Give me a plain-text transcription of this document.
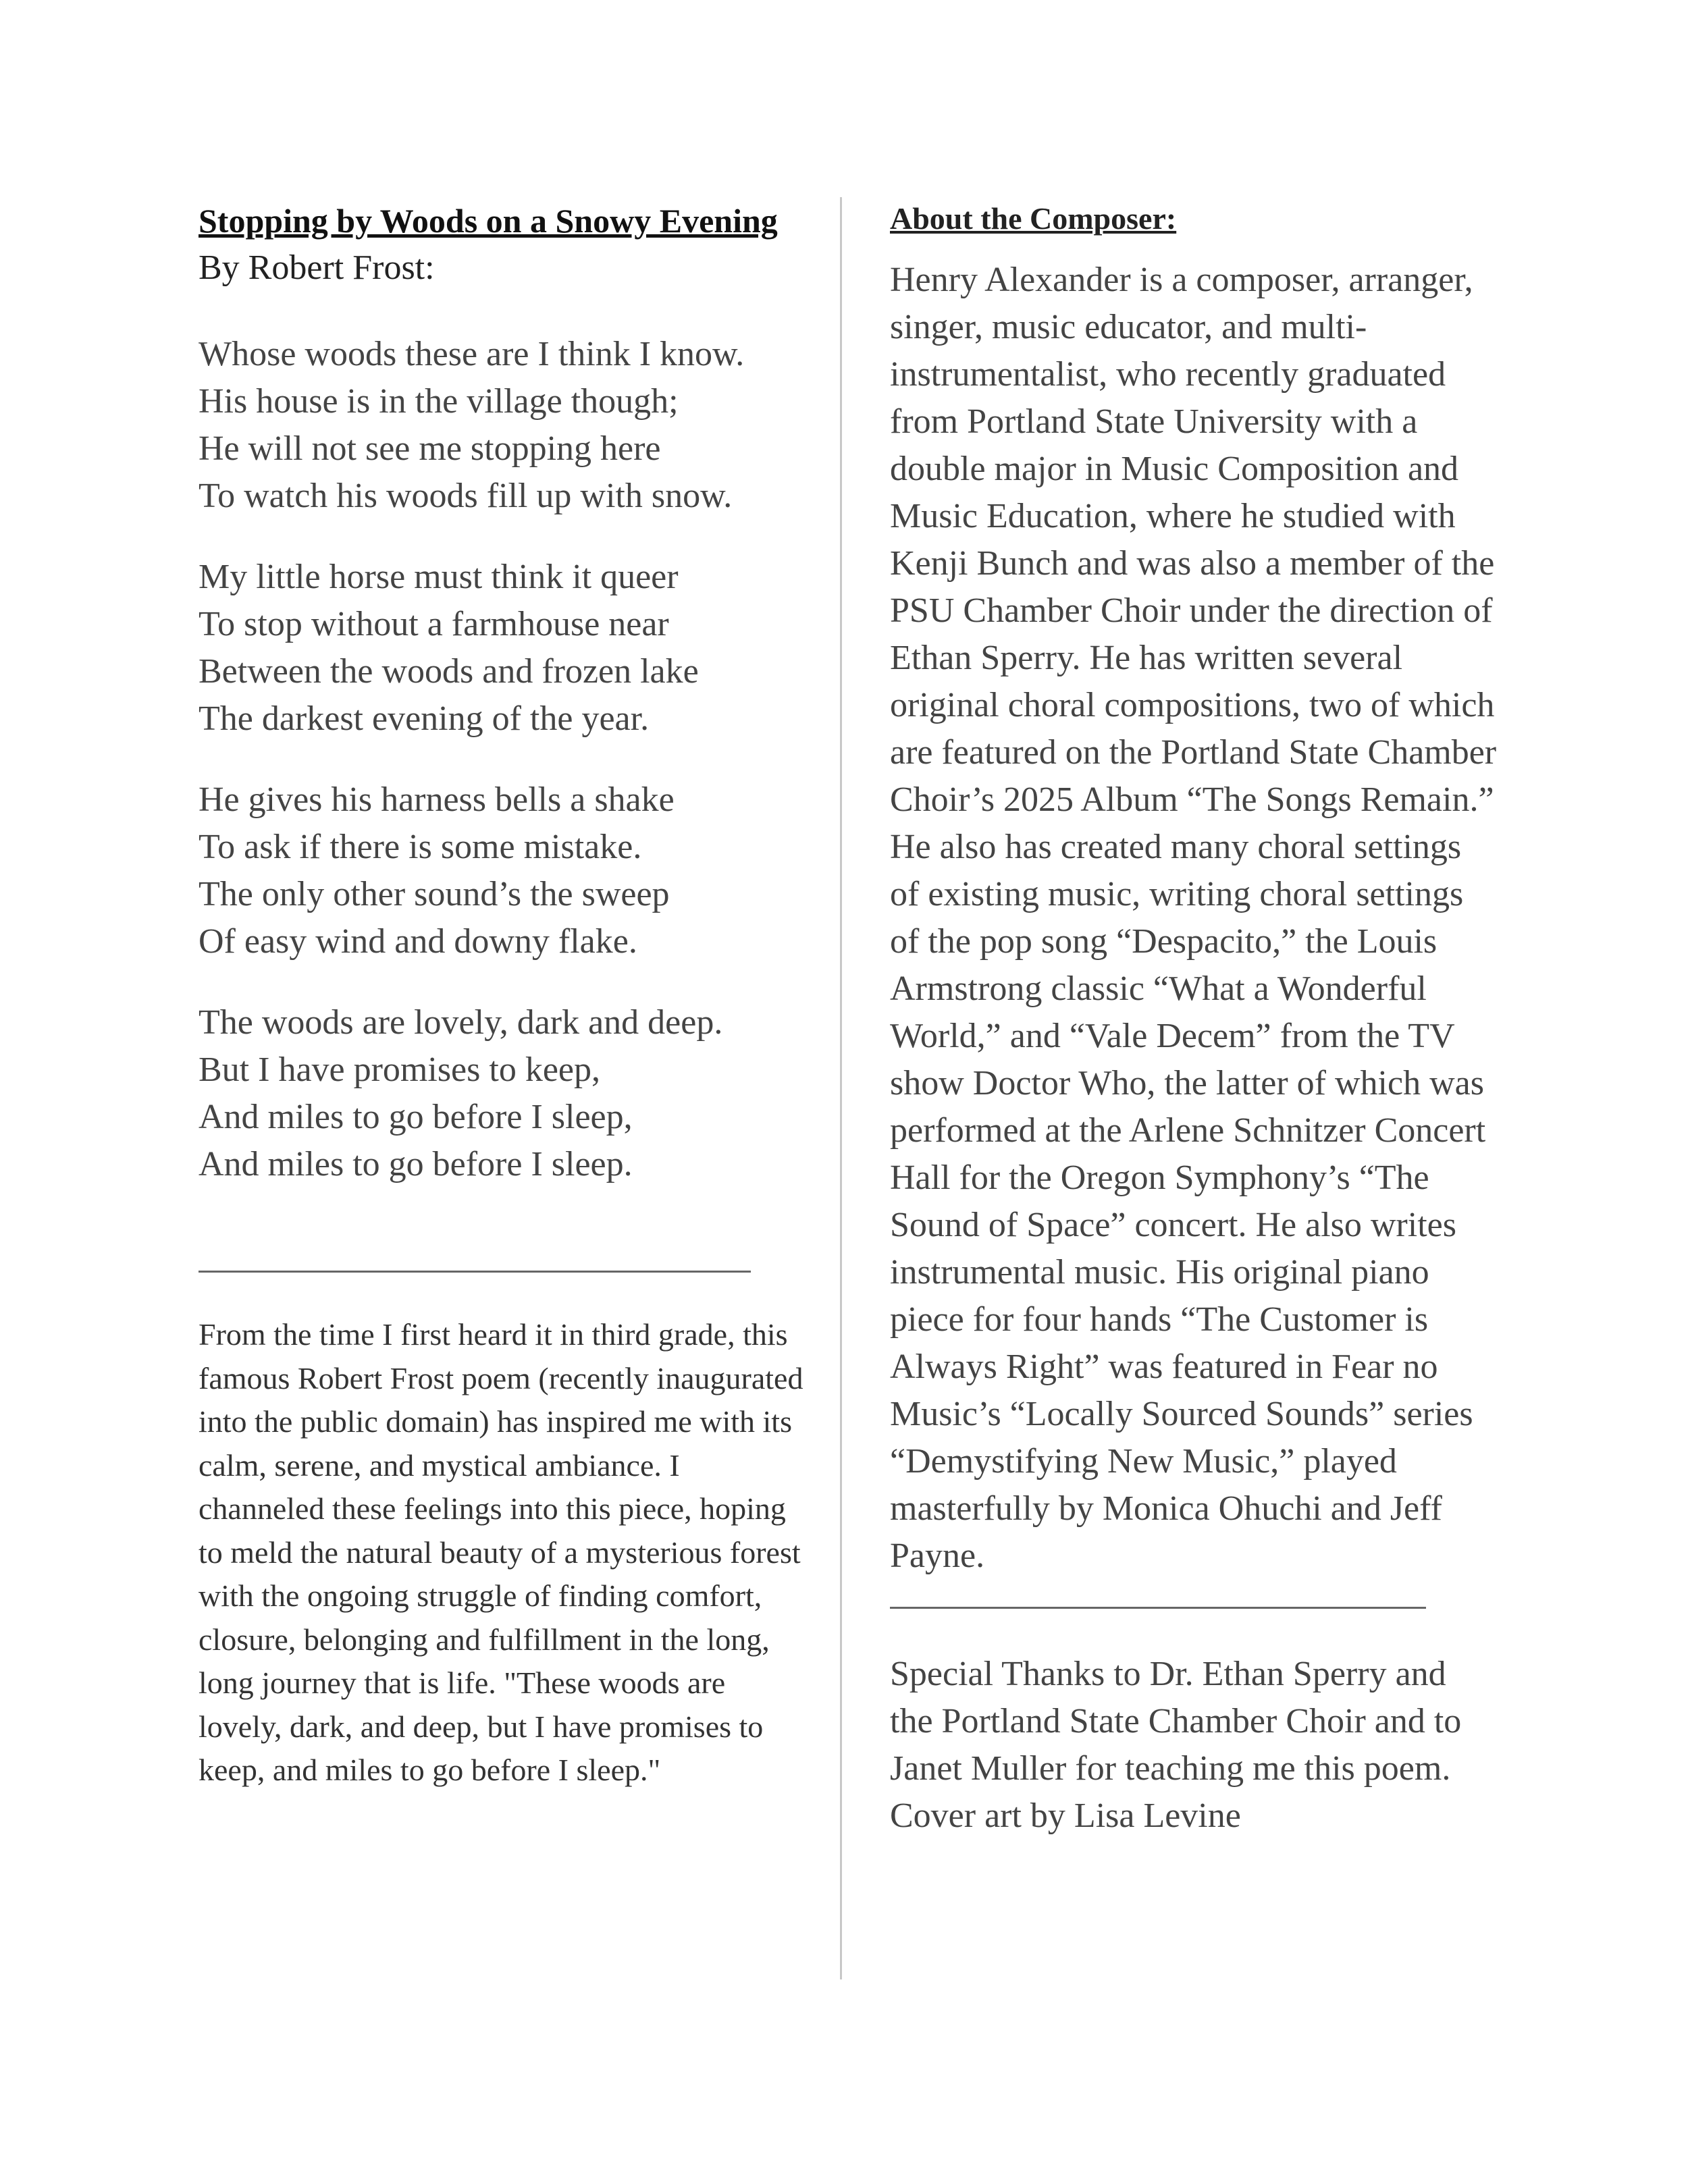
Stopping by Woods on a Snowy Evening

By Robert Frost:

Whose woods these are I think I know.
His house is in the village though;
He will not see me stopping here
To watch his woods fill up with snow.
My little horse must think it queer
To stop without a farmhouse near
Between the woods and frozen lake
The darkest evening of the year.
He gives his harness bells a shake
To ask if there is some mistake.
The only other sound’s the sweep
Of easy wind and downy flake.
The woods are lovely, dark and deep.
But I have promises to keep,
And miles to go before I sleep,
And miles to go before I sleep.

From the time I first heard it in third grade, this famous Robert Frost poem (recently inaugurated into the public domain) has inspired me with its calm, serene, and mystical ambiance. I channeled these feelings into this piece, hoping to meld the natural beauty of a mysterious forest with the ongoing struggle of finding comfort, closure, belonging and fulfillment in the long, long journey that is life. "These woods are lovely, dark, and deep, but I have promises to keep, and miles to go before I sleep."

About the Composer:

Henry Alexander is a composer, arranger, singer, music educator, and multi-instrumentalist, who recently graduated from Portland State University with a double major in Music Composition and Music Education, where he studied with Kenji Bunch and was also a member of the PSU Chamber Choir under the direction of Ethan Sperry. He has written several original choral compositions, two of which are featured on the Portland State Chamber Choir’s 2025 Album “The Songs Remain.” He also has created many choral settings of existing music, writing choral settings of the pop song “Despacito,” the Louis Armstrong classic “What a Wonderful World,” and “Vale Decem” from the TV show Doctor Who, the latter of which was performed at the Arlene Schnitzer Concert Hall for the Oregon Symphony’s “The Sound of Space” concert. He also writes instrumental music. His original piano piece for four hands “The Customer is Always Right” was featured in Fear no Music’s “Locally Sourced Sounds” series “Demystifying New Music,” played masterfully by Monica Ohuchi and Jeff Payne.

Special Thanks to Dr. Ethan Sperry and the Portland State Chamber Choir and to Janet Muller for teaching me this poem. Cover art by Lisa Levine
